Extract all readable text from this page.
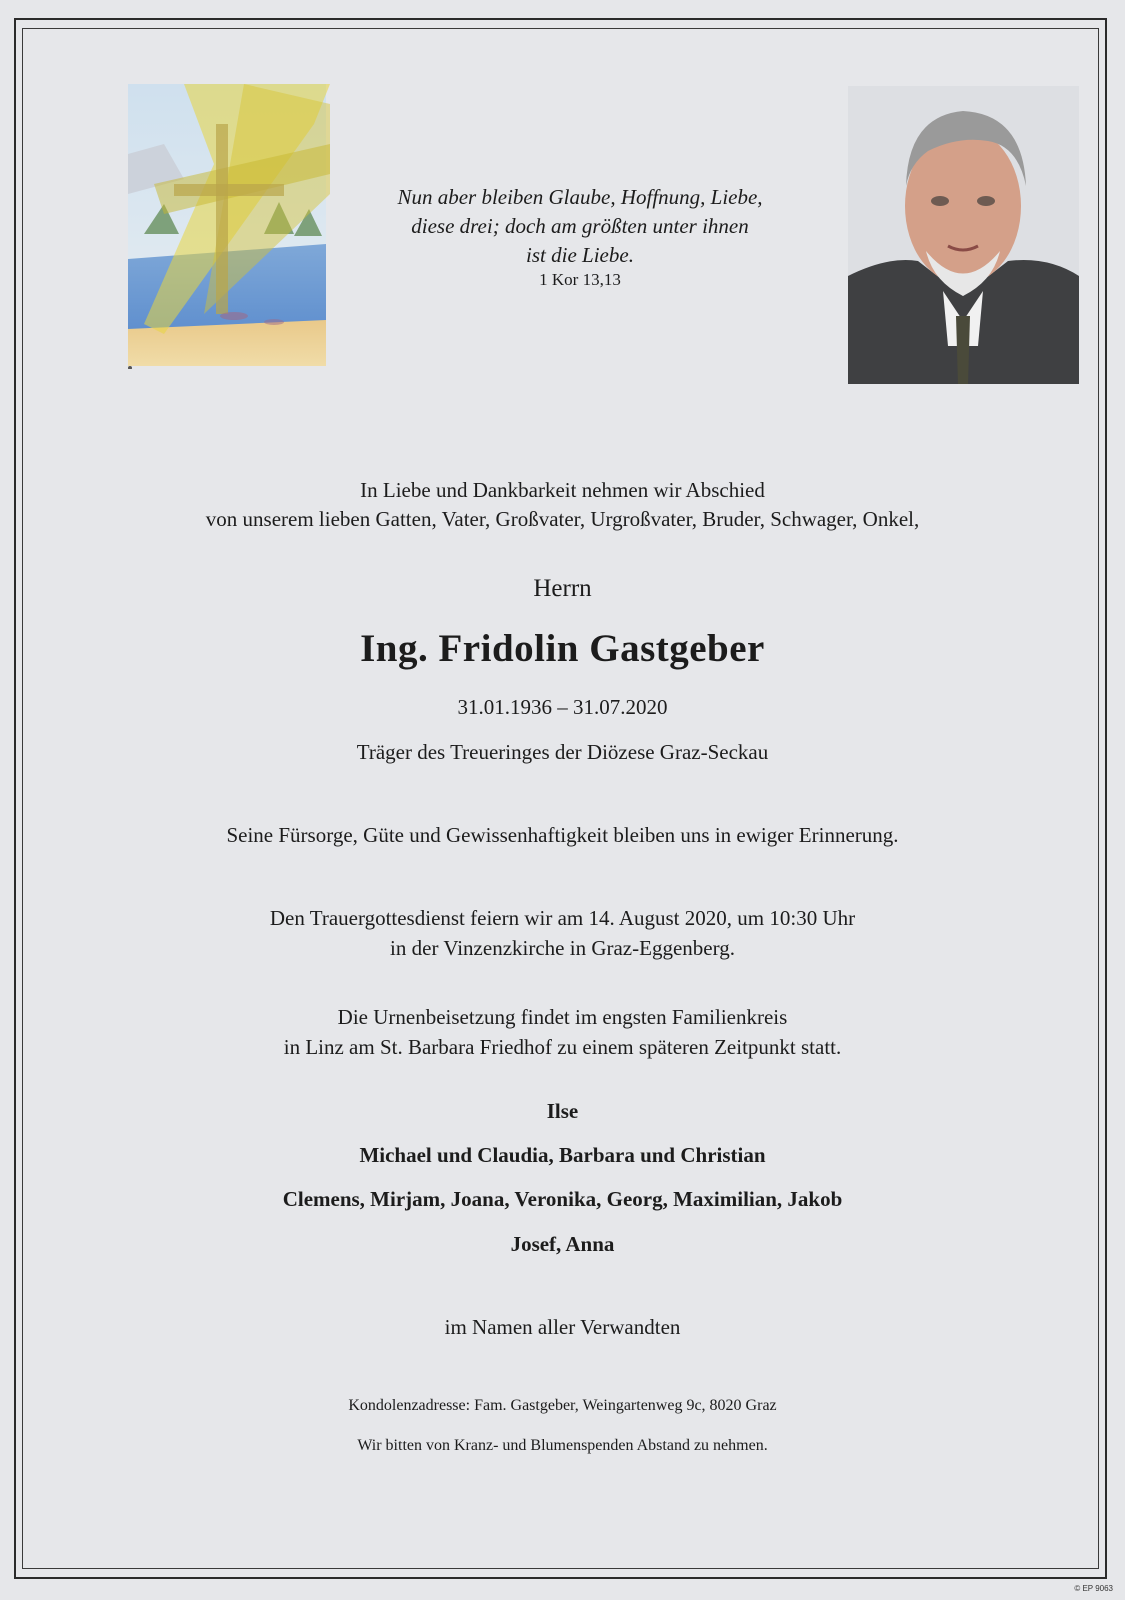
Nun aber bleiben Glaube, Hoffnung, Liebe,
diese drei; doch am größten unter ihnen
ist die Liebe.
1 Kor 13,13
In Liebe und Dankbarkeit nehmen wir Abschied
von unserem lieben Gatten, Vater, Großvater, Urgroßvater, Bruder, Schwager, Onkel,
Herrn
Ing. Fridolin Gastgeber
31.01.1936 – 31.07.2020
Träger des Treueringes der Diözese Graz-Seckau
Seine Fürsorge, Güte und Gewissenhaftigkeit bleiben uns in ewiger Erinnerung.
Den Trauergottesdienst feiern wir am 14. August 2020, um 10:30 Uhr
in der Vinzenzkirche in Graz-Eggenberg.
Die Urnenbeisetzung findet im engsten Familienkreis
in Linz am St. Barbara Friedhof zu einem späteren Zeitpunkt statt.
Ilse
Michael und Claudia, Barbara und Christian
Clemens, Mirjam, Joana, Veronika, Georg, Maximilian, Jakob
Josef, Anna
im Namen aller Verwandten
Kondolenzadresse: Fam. Gastgeber, Weingartenweg 9c, 8020 Graz
Wir bitten von Kranz- und Blumenspenden Abstand zu nehmen.
© EP 9063
